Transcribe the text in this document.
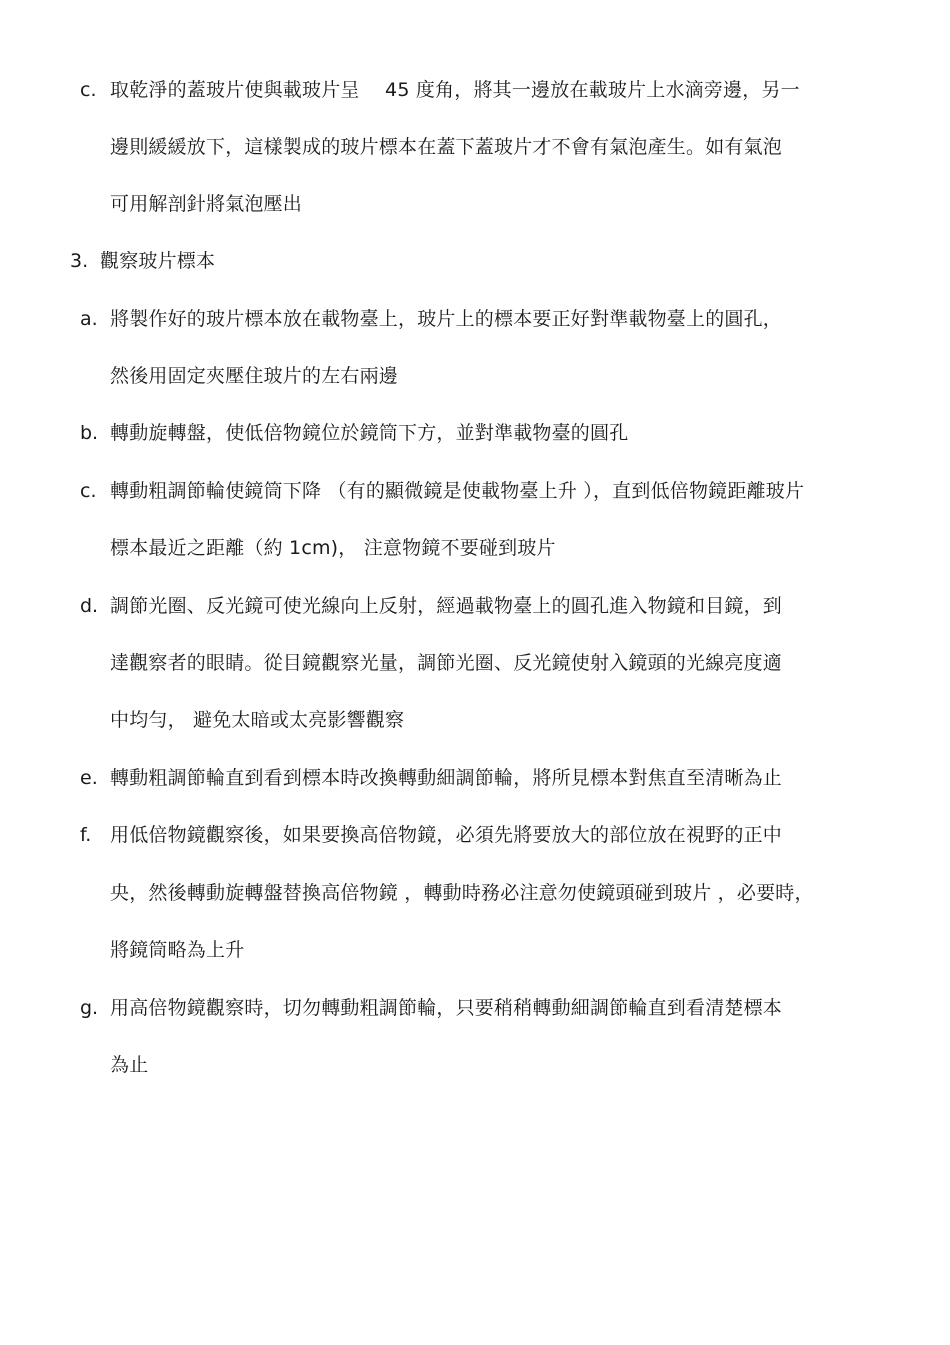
c. 取乾淨的蓋玻片使與載玻片呈　 45 度角，將其一邊放在載玻片上水滴旁邊，另一
邊則緩緩放下，這樣製成的玻片標本在蓋下蓋玻片才不會有氣泡產生。如有氣泡
可用解剖針將氣泡壓出
3. 觀察玻片標本
a. 將製作好的玻片標本放在載物臺上，玻片上的標本要正好對準載物臺上的圓孔，
然後用固定夾壓住玻片的左右兩邊
b. 轉動旋轉盤，使低倍物鏡位於鏡筒下方，並對準載物臺的圓孔
c. 轉動粗調節輪使鏡筒下降 （有的顯微鏡是使載物臺上升 ），直到低倍物鏡距離玻片
標本最近之距離（約 1cm)， 注意物鏡不要碰到玻片
d. 調節光圈、反光鏡可使光線向上反射，經過載物臺上的圓孔進入物鏡和目鏡，到
達觀察者的眼睛。從目鏡觀察光量，調節光圈、反光鏡使射入鏡頭的光線亮度適
中均勻， 避免太暗或太亮影響觀察
e. 轉動粗調節輪直到看到標本時改換轉動細調節輪，將所見標本對焦直至清晰為止
f. 用低倍物鏡觀察後，如果要換高倍物鏡，必須先將要放大的部位放在視野的正中
央，然後轉動旋轉盤替換高倍物鏡 ，轉動時務必注意勿使鏡頭碰到玻片 ，必要時，
將鏡筒略為上升
g. 用高倍物鏡觀察時，切勿轉動粗調節輪，只要稍稍轉動細調節輪直到看清楚標本
為止
